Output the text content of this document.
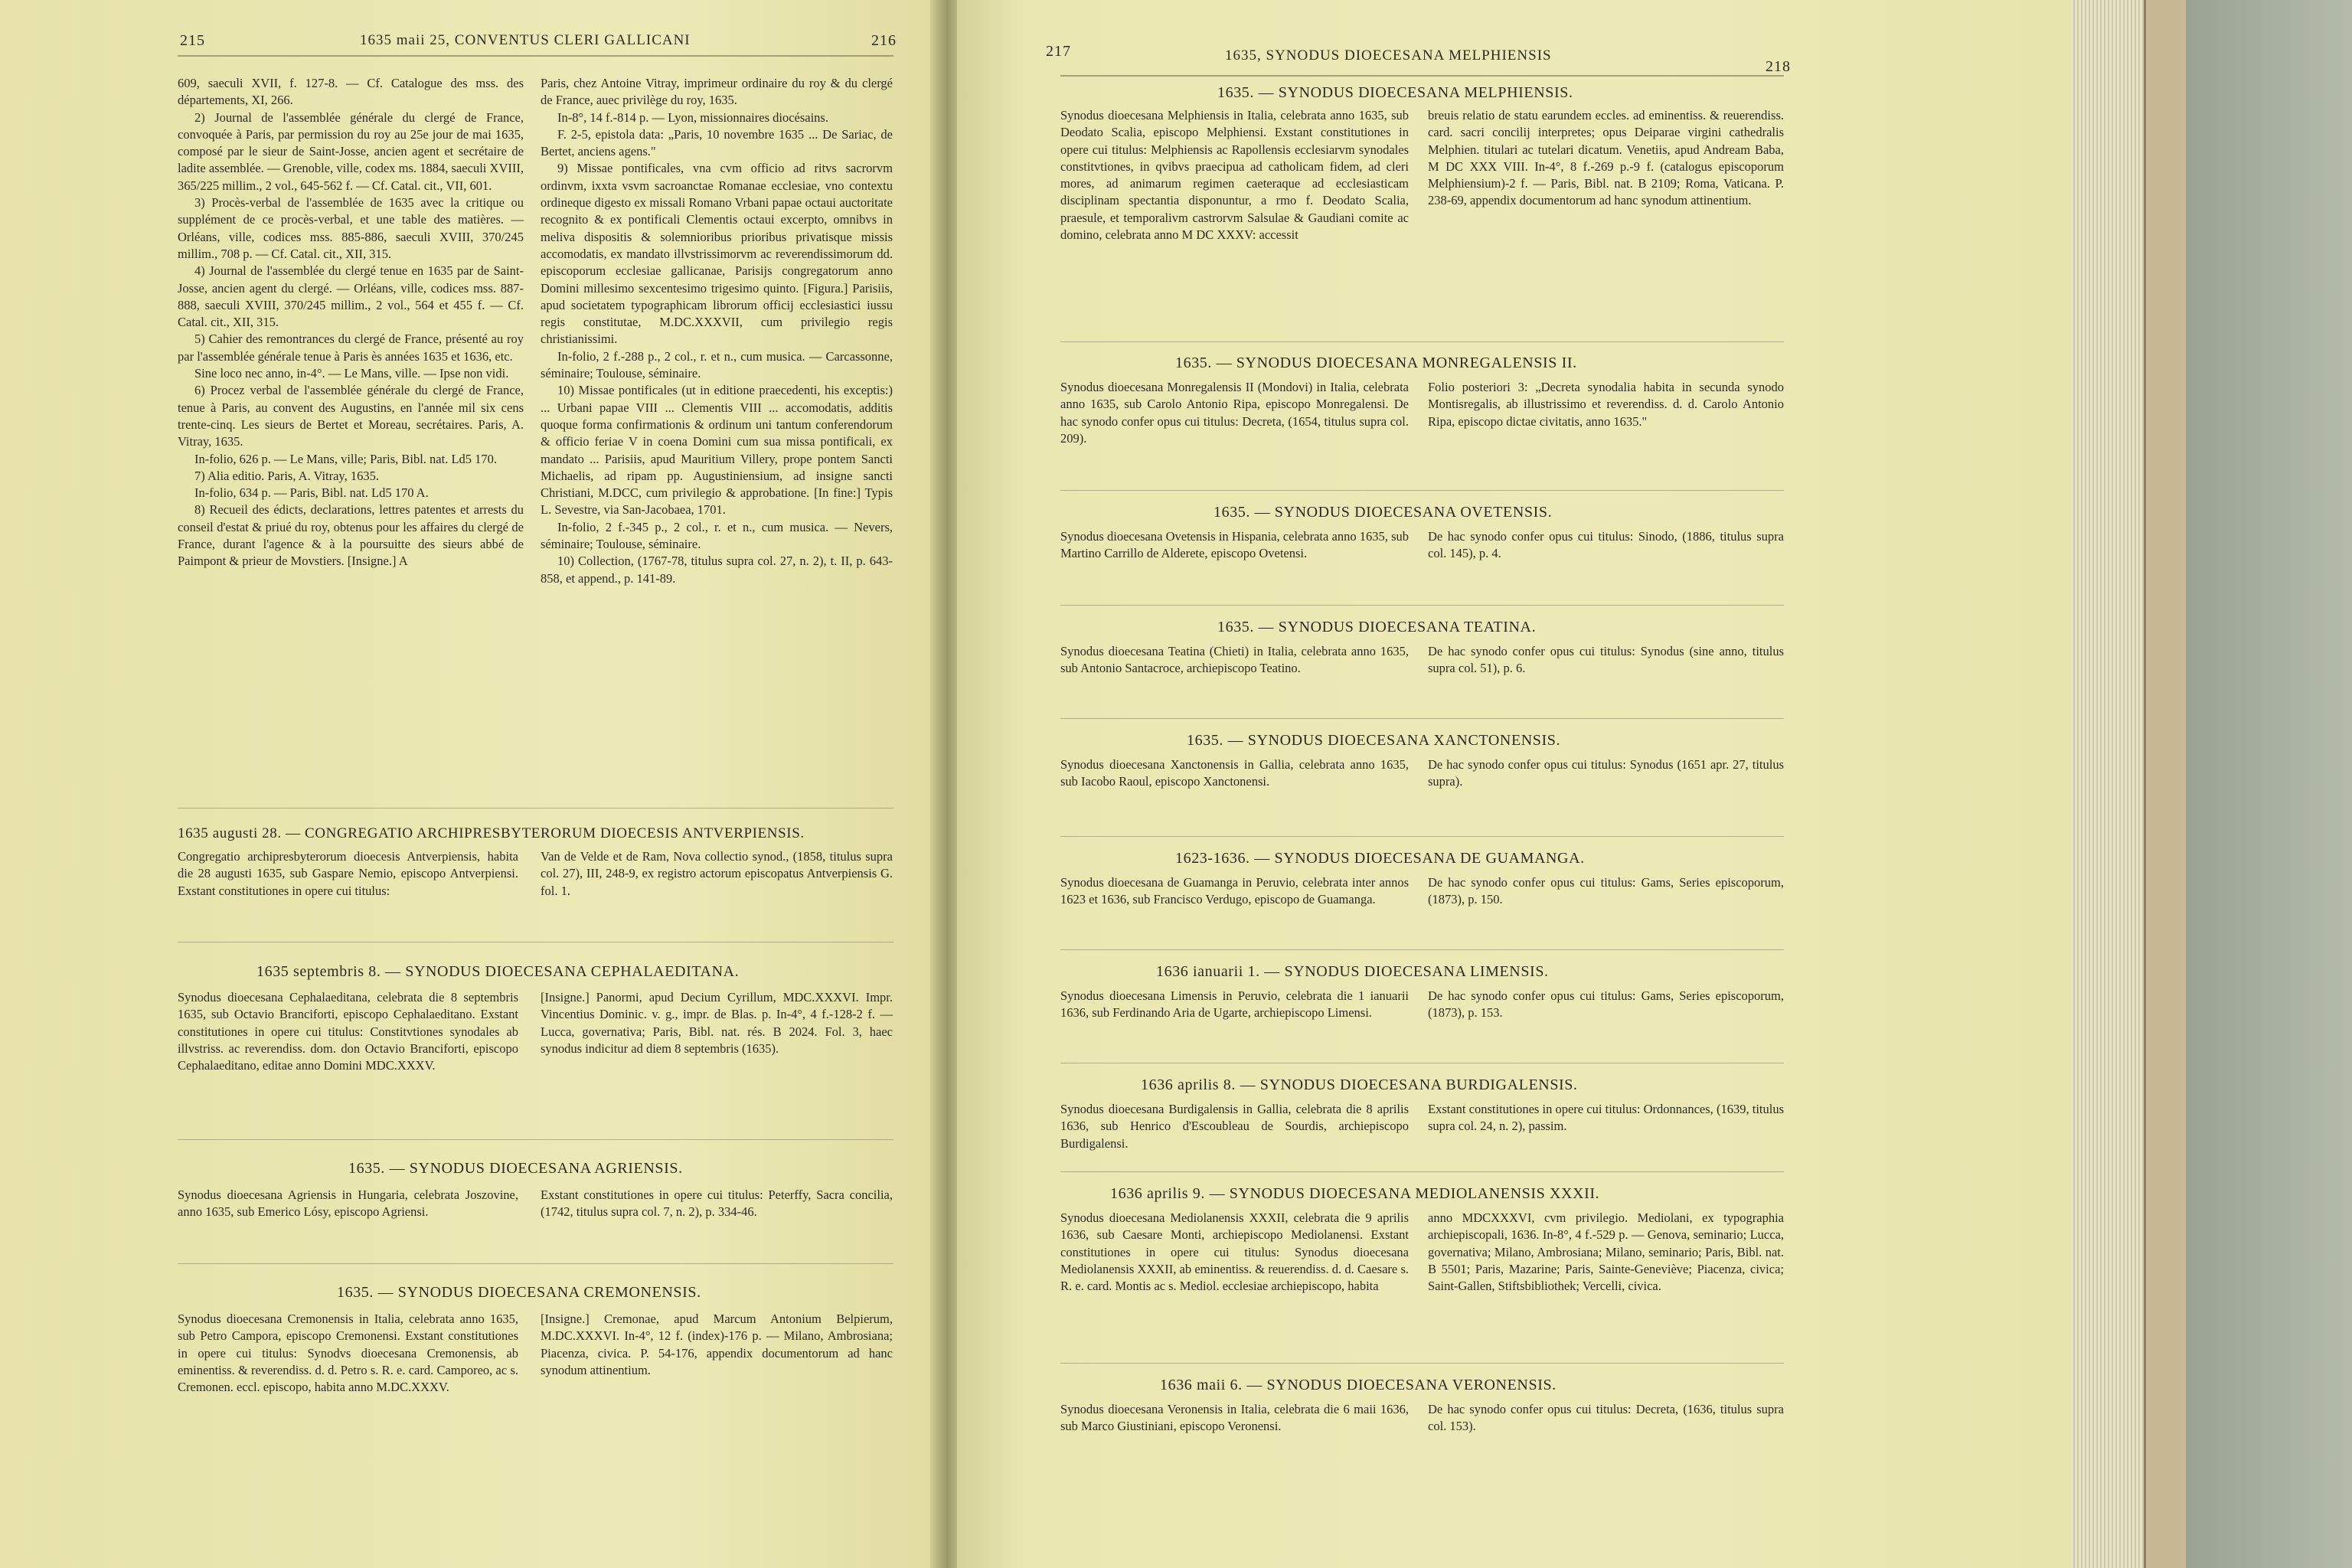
215	1635 maii 25, CONVENTUS CLERI GALLICANI	216

609, saeculi XVII, f. 127-8. — Cf. Catalogue des mss. des départements, XI, 266.

2) Journal de l'assemblée générale du clergé de France, convoquée à Paris, par permission du roy au 25e jour de mai 1635, composé par le sieur de Saint-Josse, ancien agent et secrétaire de ladite assemblée. — Grenoble, ville, codex ms. 1884, saeculi XVIII, 365/225 millim., 2 vol., 645-562 f. — Cf. Catal. cit., VII, 601.

3) Procès-verbal de l'assemblée de 1635 avec la critique ou supplément de ce procès-verbal, et une table des matières. — Orléans, ville, codices mss. 885-886, saeculi XVIII, 370/245 millim., 708 p. — Cf. Catal. cit., XII, 315.

4) Journal de l'assemblée du clergé tenue en 1635 par de Saint-Josse, ancien agent du clergé. — Orléans, ville, codices mss. 887-888, saeculi XVIII, 370/245 millim., 2 vol., 564 et 455 f. — Cf. Catal. cit., XII, 315.

5) Cahier des remontrances du clergé de France, présenté au roy par l'assemblée générale tenue à Paris ès années 1635 et 1636, etc.

Sine loco nec anno, in-4°. — Le Mans, ville. — Ipse non vidi.

6) Procez verbal de l'assemblée générale du clergé de France, tenue à Paris, au convent des Augustins, en l'année mil six cens trente-cinq. Les sieurs de Bertet et Moreau, secrétaires. Paris, A. Vitray, 1635.

In-folio, 626 p. — Le Mans, ville; Paris, Bibl. nat. Ld5 170.

7) Alia editio. Paris, A. Vitray, 1635.

In-folio, 634 p. — Paris, Bibl. nat. Ld5 170 A.

8) Recueil des édicts, declarations, lettres patentes et arrests du conseil d'estat & priué du roy, obtenus pour les affaires du clergé de France, durant l'agence & à la poursuitte des sieurs abbé de Paimpont & prieur de Movstiers. [Insigne.] A

Paris, chez Antoine Vitray, imprimeur ordinaire du roy & du clergé de France, auec privilège du roy, 1635.

In-8°, 14 f.-814 p. — Lyon, missionnaires diocésains.

F. 2-5, epistola data: „Paris, 10 novembre 1635 ... De Sariac, de Bertet, anciens agens."

9) Missae pontificales, vna cvm officio ad ritvs sacrorvm ordinvm, ixxta vsvm sacroanctae Romanae ecclesiae, vno contextu ordineque digesto ex missali Romano Vrbani papae octaui auctoritate recognito & ex pontificali Clementis octaui excerpto, omnibvs in meliva dispositis & solemnioribus prioribus privatisque missis accomodatis, ex mandato illvstrissimorvm ac reverendissimorum dd. episcoporum ecclesiae gallicanae, Parisijs congregatorum anno Domini millesimo sexcentesimo trigesimo quinto. [Figura.] Parisiis, apud societatem typographicam librorum officij ecclesiastici iussu regis constitutae, M.DC.XXXVII, cum privilegio regis christianissimi.

In-folio, 2 f.-288 p., 2 col., r. et n., cum musica. — Carcassonne, séminaire; Toulouse, séminaire.

10) Missae pontificales (ut in editione praecedenti, his exceptis:) ... Urbani papae VIII ... Clementis VIII ... accomodatis, additis quoque forma confirmationis & ordinum uni tantum conferendorum & officio feriae V in coena Domini cum sua missa pontificali, ex mandato ... Parisiis, apud Mauritium Villery, prope pontem Sancti Michaelis, ad ripam pp. Augustiniensium, ad insigne sancti Christiani, M.DCC, cum privilegio & approbatione. [In fine:] Typis L. Sevestre, via San-Jacobaea, 1701.

In-folio, 2 f.-345 p., 2 col., r. et n., cum musica. — Nevers, séminaire; Toulouse, séminaire.

10) Collection, (1767-78, titulus supra col. 27, n. 2), t. II, p. 643-858, et append., p. 141-89.

1635 augusti 28. — CONGREGATIO ARCHIPRESBYTERORUM DIOECESIS ANTVERPIENSIS.
Congregatio archipresbyterorum dioecesis Antverpiensis, habita die 28 augusti 1635, sub Gaspare Nemio, episcopo Antverpiensi. Exstant constitutiones in opere cui titulus:
Van de Velde et de Ram, Nova collectio synod., (1858, titulus supra col. 27), III, 248-9, ex registro actorum episcopatus Antverpiensis G. fol. 1.
1635 septembris 8. — SYNODUS DIOECESANA CEPHALAEDITANA.
Synodus dioecesana Cephalaeditana, celebrata die 8 septembris 1635, sub Octavio Branciforti, episcopo Cephalaeditano. Exstant constitutiones in opere cui titulus: Constitvtiones synodales ab illvstriss. ac reverendiss. dom. don Octavio Branciforti, episcopo Cephalaeditano, editae anno Domini MDC.XXXV.
[Insigne.] Panormi, apud Decium Cyrillum, MDC.XXXVI. Impr. Vincentius Dominic. v. g., impr. de Blas. p. In-4°, 4 f.-128-2 f. — Lucca, governativa; Paris, Bibl. nat. rés. B 2024. Fol. 3, haec synodus indicitur ad diem 8 septembris (1635).
1635. — SYNODUS DIOECESANA AGRIENSIS.
Synodus dioecesana Agriensis in Hungaria, celebrata Joszovine, anno 1635, sub Emerico Lósy, episcopo Agriensi.
Exstant constitutiones in opere cui titulus: Peterffy, Sacra concilia, (1742, titulus supra col. 7, n. 2), p. 334-46.
1635. — SYNODUS DIOECESANA CREMONENSIS.
Synodus dioecesana Cremonensis in Italia, celebrata anno 1635, sub Petro Campora, episcopo Cremonensi. Exstant constitutiones in opere cui titulus: Synodvs dioecesana Cremonensis, ab eminentiss. & reverendiss. d. d. Petro s. R. e. card. Camporeo, ac s. Cremonen. eccl. episcopo, habita anno M.DC.XXXV.
[Insigne.] Cremonae, apud Marcum Antonium Belpierum, M.DC.XXXVI. In-4°, 12 f. (index)-176 p. — Milano, Ambrosiana; Piacenza, civica. P. 54-176, appendix documentorum ad hanc synodum attinentium.
217	1635, SYNODUS DIOECESANA MELPHIENSIS
218
1635. — SYNODUS DIOECESANA MELPHIENSIS.
Synodus dioecesana Melphiensis in Italia, celebrata anno 1635, sub Deodato Scalia, episcopo Melphiensi. Exstant constitutiones in opere cui titulus: Melphiensis ac Rapollensis ecclesiarvm synodales constitvtiones, in qvibvs praecipua ad catholicam fidem, ad cleri mores, ad animarum regimen caeteraque ad ecclesiasticam disciplinam spectantia disponuntur, a rmo f. Deodato Scalia, praesule, et temporalivm castrorvm Salsulae & Gaudiani comite ac domino, celebrata anno M DC XXXV: accessit
breuis relatio de statu earundem eccles. ad eminentiss. & reuerendiss. card. sacri concilij interpretes; opus Deiparae virgini cathedralis Melphien. titulari ac tutelari dicatum. Venetiis, apud Andream Baba, M DC XXX VIII. In-4°, 8 f.-269 p.-9 f. (catalogus episcoporum Melphiensium)-2 f. — Paris, Bibl. nat. B 2109; Roma, Vaticana. P. 238-69, appendix documentorum ad hanc synodum attinentium.
1635. — SYNODUS DIOECESANA MONREGALENSIS II.
Synodus dioecesana Monregalensis II (Mondovi) in Italia, celebrata anno 1635, sub Carolo Antonio Ripa, episcopo Monregalensi. De hac synodo confer opus cui titulus: Decreta, (1654, titulus supra col. 209).
Folio posteriori 3: „Decreta synodalia habita in secunda synodo Montisregalis, ab illustrissimo et reverendiss. d. d. Carolo Antonio Ripa, episcopo dictae civitatis, anno 1635."
1635. — SYNODUS DIOECESANA OVETENSIS.
Synodus dioecesana Ovetensis in Hispania, celebrata anno 1635, sub Martino Carrillo de Alderete, episcopo Ovetensi.
De hac synodo confer opus cui titulus: Sinodo, (1886, titulus supra col. 145), p. 4.
1635. — SYNODUS DIOECESANA TEATINA.
Synodus dioecesana Teatina (Chieti) in Italia, celebrata anno 1635, sub Antonio Santacroce, archiepiscopo Teatino.
De hac synodo confer opus cui titulus: Synodus (sine anno, titulus supra col. 51), p. 6.
1635. — SYNODUS DIOECESANA XANCTONENSIS.
Synodus dioecesana Xanctonensis in Gallia, celebrata anno 1635, sub Iacobo Raoul, episcopo Xanctonensi.
De hac synodo confer opus cui titulus: Synodus (1651 apr. 27, titulus supra).
1623-1636. — SYNODUS DIOECESANA DE GUAMANGA.
Synodus dioecesana de Guamanga in Peruvio, celebrata inter annos 1623 et 1636, sub Francisco Verdugo, episcopo de Guamanga.
De hac synodo confer opus cui titulus: Gams, Series episcoporum, (1873), p. 150.
1636 ianuarii 1. — SYNODUS DIOECESANA LIMENSIS.
Synodus dioecesana Limensis in Peruvio, celebrata die 1 ianuarii 1636, sub Ferdinando Aria de Ugarte, archiepiscopo Limensi.
De hac synodo confer opus cui titulus: Gams, Series episcoporum, (1873), p. 153.
1636 aprilis 8. — SYNODUS DIOECESANA BURDIGALENSIS.
Synodus dioecesana Burdigalensis in Gallia, celebrata die 8 aprilis 1636, sub Henrico d'Escoubleau de Sourdis, archiepiscopo Burdigalensi.
Exstant constitutiones in opere cui titulus: Ordonnances, (1639, titulus supra col. 24, n. 2), passim.
1636 aprilis 9. — SYNODUS DIOECESANA MEDIOLANENSIS XXXII.
Synodus dioecesana Mediolanensis XXXII, celebrata die 9 aprilis 1636, sub Caesare Monti, archiepiscopo Mediolanensi. Exstant constitutiones in opere cui titulus: Synodus dioecesana Mediolanensis XXXII, ab eminentiss. & reuerendiss. d. d. Caesare s. R. e. card. Montis ac s. Mediol. ecclesiae archiepiscopo, habita
anno MDCXXXVI, cvm privilegio. Mediolani, ex typographia archiepiscopali, 1636. In-8°, 4 f.-529 p. — Genova, seminario; Lucca, governativa; Milano, Ambrosiana; Milano, seminario; Paris, Bibl. nat. B 5501; Paris, Mazarine; Paris, Sainte-Geneviève; Piacenza, civica; Saint-Gallen, Stiftsbibliothek; Vercelli, civica.
1636 maii 6. — SYNODUS DIOECESANA VERONENSIS.
Synodus dioecesana Veronensis in Italia, celebrata die 6 maii 1636, sub Marco Giustiniani, episcopo Veronensi.
De hac synodo confer opus cui titulus: Decreta, (1636, titulus supra col. 153).
